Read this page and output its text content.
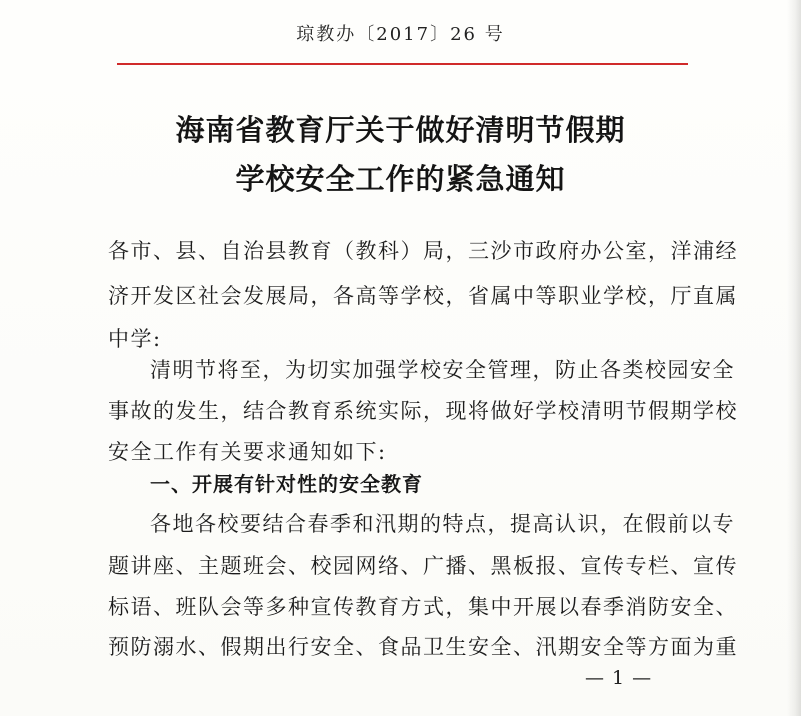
琼教办〔2017〕26 号
海南省教育厅关于做好清明节假期
学校安全工作的紧急通知
各市、县、自治县教育（教科）局，三沙市政府办公室，洋浦经
济开发区社会发展局，各高等学校，省属中等职业学校，厅直属
中学:
清明节将至，为切实加强学校安全管理，防止各类校园安全
事故的发生，结合教育系统实际，现将做好学校清明节假期学校
安全工作有关要求通知如下:
一、开展有针对性的安全教育
各地各校要结合春季和汛期的特点，提高认识，在假前以专
题讲座、主题班会、校园网络、广播、黑板报、宣传专栏、宣传
标语、班队会等多种宣传教育方式，集中开展以春季消防安全、
预防溺水、假期出行安全、食品卫生安全、汛期安全等方面为重
— 1 —
